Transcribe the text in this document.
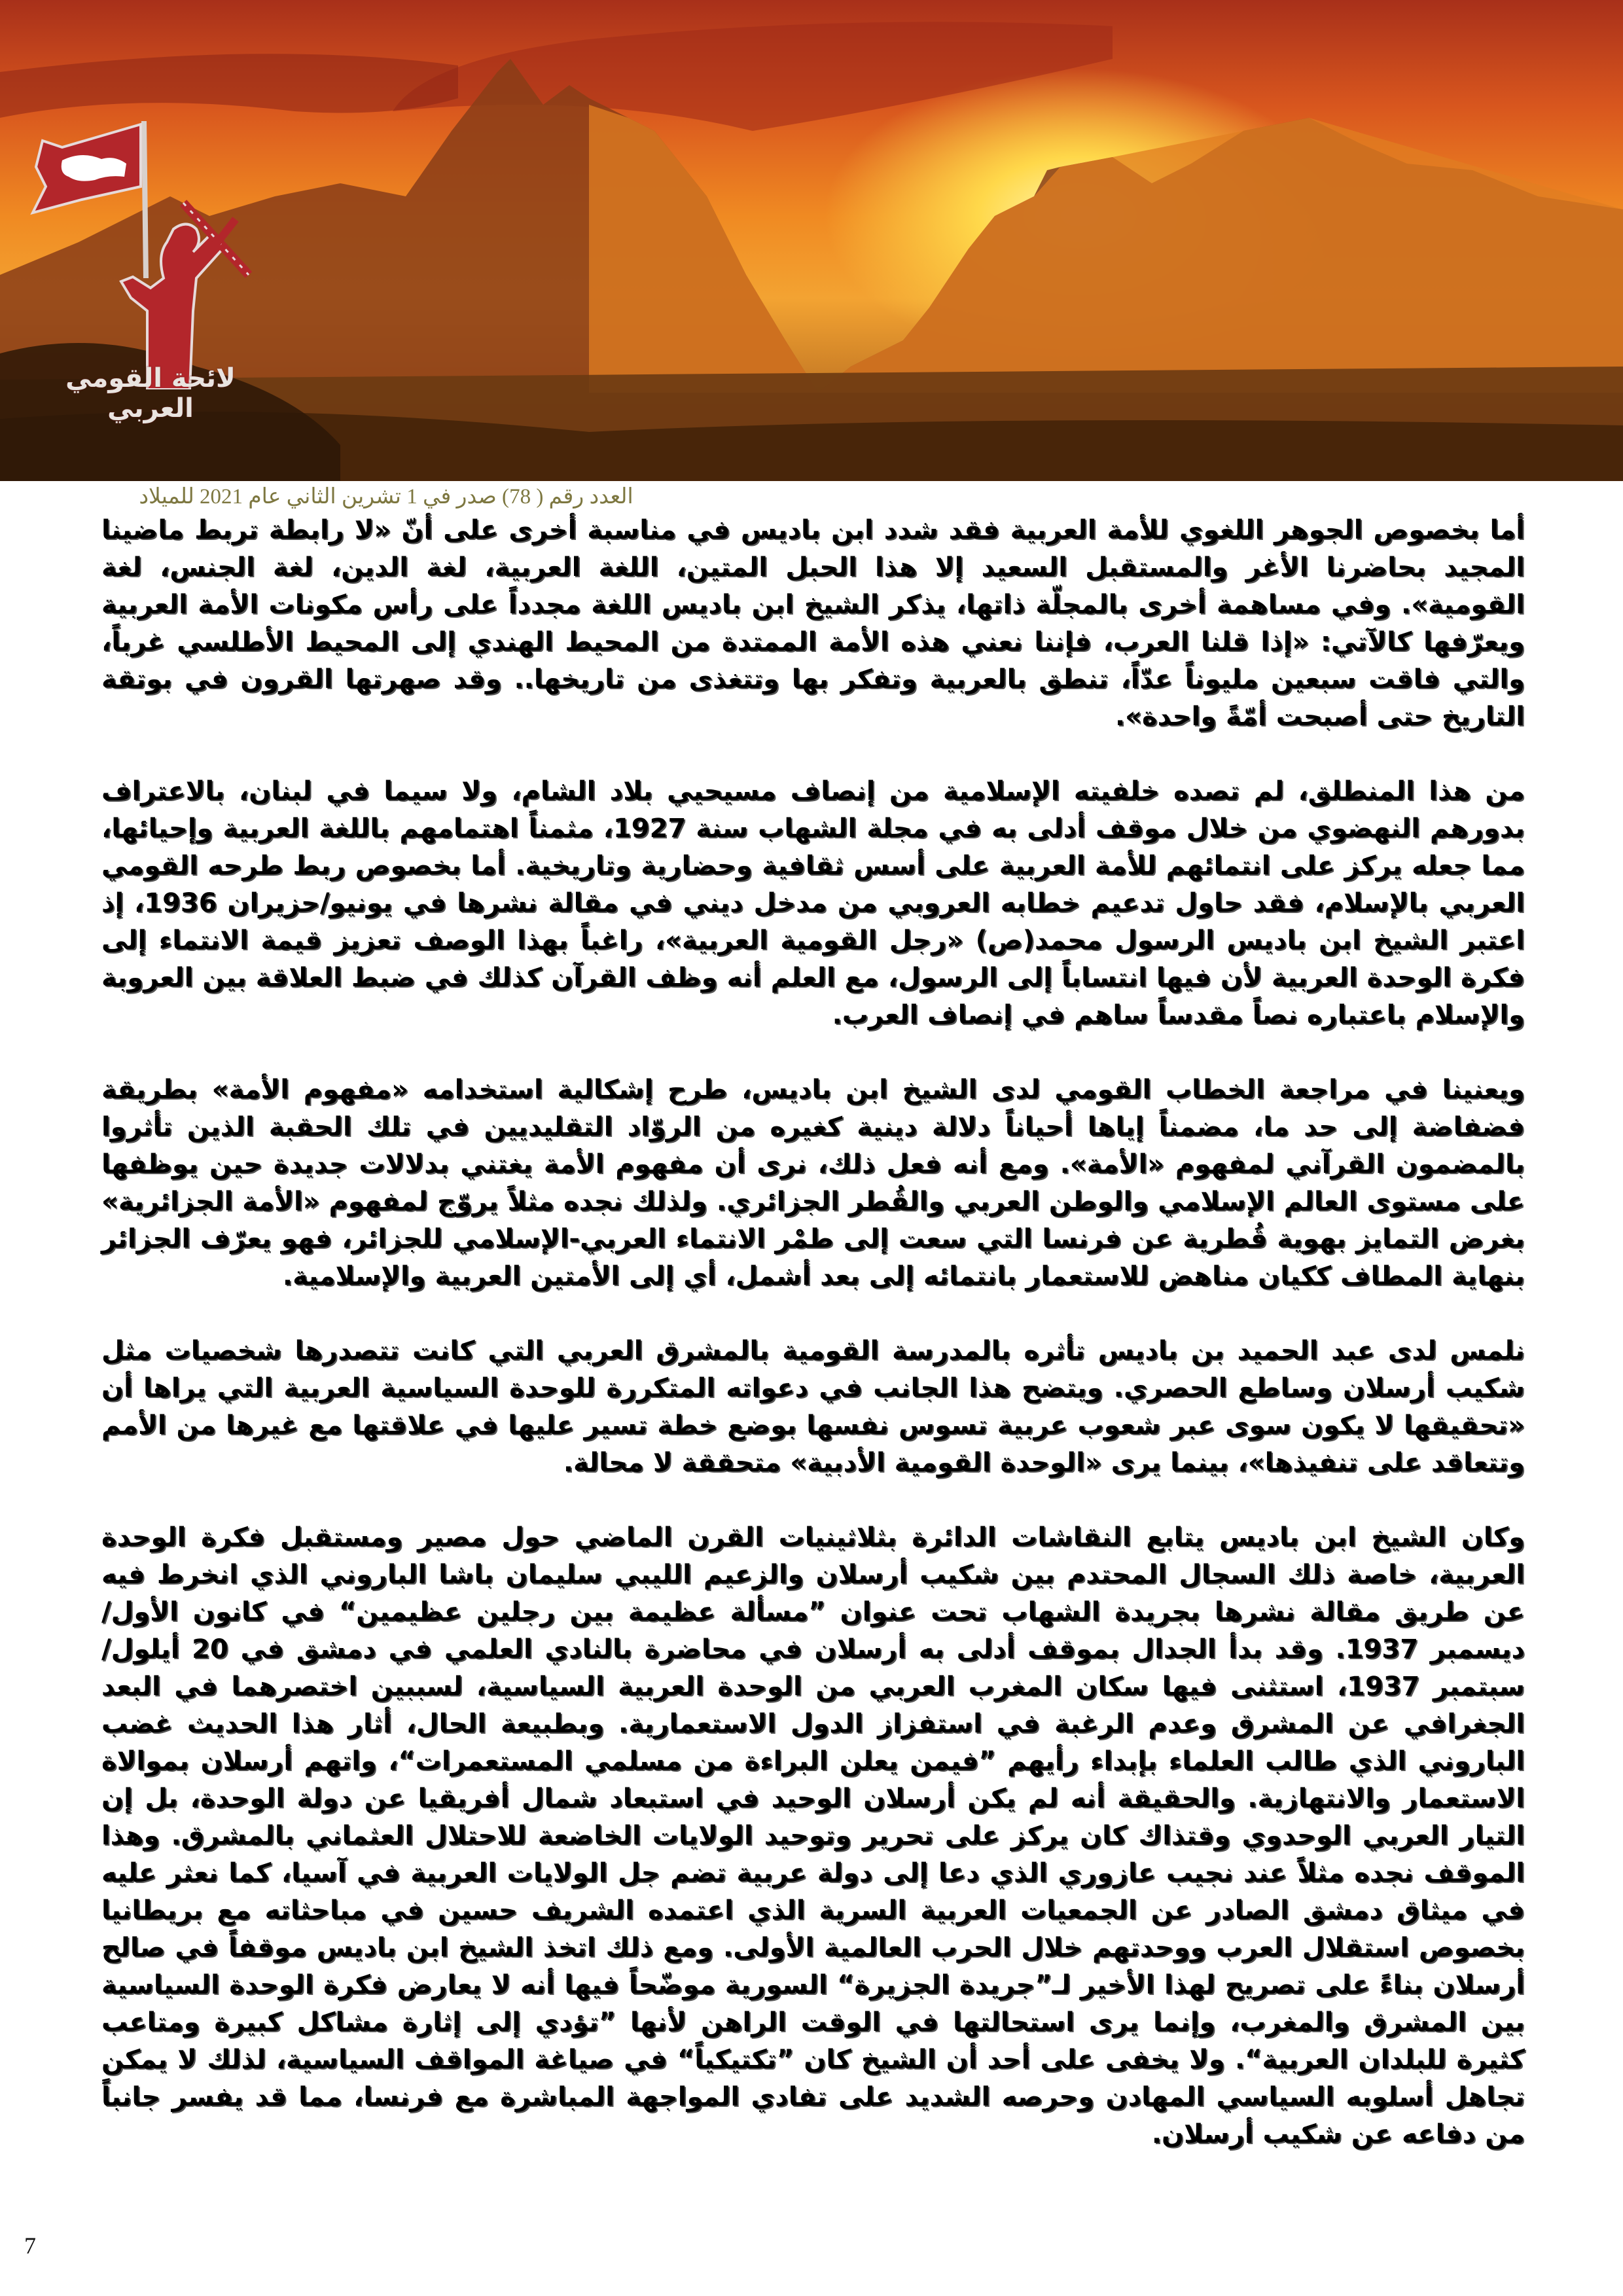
لائحة القومي العربي
العدد رقم ( 78) صدر في 1 تشرين الثاني عام 2021 للميلاد

أما بخصوص الجوهر اللغوي للأمة العربية فقد شدد ابن باديس في مناسبة أخرى على أنّ «لا رابطة تربط ماضينا المجيد بحاضرنا الأغر والمستقبل السعيد إلا هذا الحبل المتين، اللغة العربية، لغة الدين، لغة الجنس، لغة القومية». وفي مساهمة أخرى بالمجلّة ذاتها، يذكر الشيخ ابن باديس اللغة مجدداً على رأس مكونات الأمة العربية ويعرّفها كالآتي: «إذا قلنا العرب، فإننا نعني هذه الأمة الممتدة من المحيط الهندي إلى المحيط الأطلسي غرباً، والتي فاقت سبعين مليوناً عدّاً، تنطق بالعربية وتفكر بها وتتغذى من تاريخها.. وقد صهرتها القرون في بوتقة التاريخ حتى أصبحت أمّةً واحدة».

من هذا المنطلق، لم تصده خلفيته الإسلامية من إنصاف مسيحيي بلاد الشام، ولا سيما في لبنان، بالاعتراف بدورهم النهضوي من خلال موقف أدلى به في مجلة الشهاب سنة 1927، مثمناً اهتمامهم باللغة العربية وإحيائها، مما جعله يركز على انتمائهم للأمة العربية على أسس ثقافية وحضارية وتاريخية. أما بخصوص ربط طرحه القومي العربي بالإسلام، فقد حاول تدعيم خطابه العروبي من مدخل ديني في مقالة نشرها في يونيو/حزيران 1936، إذ اعتبر الشيخ ابن باديس الرسول محمد(ص) «رجل القومية العربية»، راغباً بهذا الوصف تعزيز قيمة الانتماء إلى فكرة الوحدة العربية لأن فيها انتساباً إلى الرسول، مع العلم أنه وظف القرآن كذلك في ضبط العلاقة بين العروبة والإسلام باعتباره نصاً مقدساً ساهم في إنصاف العرب.

ويعنينا في مراجعة الخطاب القومي لدى الشيخ ابن باديس، طرح إشكالية استخدامه «مفهوم الأمة» بطريقة فضفاضة إلى حد ما، مضمناً إياها أحياناً دلالة دينية كغيره من الروّاد التقليديين في تلك الحقبة الذين تأثروا بالمضمون القرآني لمفهوم «الأمة». ومع أنه فعل ذلك، نرى أن مفهوم الأمة يغتني بدلالات جديدة حين يوظفها على مستوى العالم الإسلامي والوطن العربي والقُطر الجزائري. ولذلك نجده مثلاً يروّج لمفهوم «الأمة الجزائرية» بغرض التمايز بهوية قُطرية عن فرنسا التي سعت إلى طمْر الانتماء العربي-الإسلامي للجزائر، فهو يعرّف الجزائر بنهاية المطاف ككيان مناهض للاستعمار بانتمائه إلى بعد أشمل، أي إلى الأمتين العربية والإسلامية.

نلمس لدى عبد الحميد بن باديس تأثره بالمدرسة القومية بالمشرق العربي التي كانت تتصدرها شخصيات مثل شكيب أرسلان وساطع الحصري. ويتضح هذا الجانب في دعواته المتكررة للوحدة السياسية العربية التي يراها أن «تحقيقها لا يكون سوى عبر شعوب عربية تسوس نفسها بوضع خطة تسير عليها في علاقتها مع غيرها من الأمم وتتعاقد على تنفيذها»، بينما يرى «الوحدة القومية الأدبية» متحققة لا محالة.

وكان الشيخ ابن باديس يتابع النقاشات الدائرة بثلاثينيات القرن الماضي حول مصير ومستقبل فكرة الوحدة العربية، خاصة ذلك السجال المحتدم بين شكيب أرسلان والزعيم الليبي سليمان باشا الباروني الذي انخرط فيه عن طريق مقالة نشرها بجريدة الشهاب تحت عنوان ”مسألة عظيمة بين رجلين عظيمين“ في كانون الأول/ ديسمبر 1937. وقد بدأ الجدال بموقف أدلى به أرسلان في محاضرة بالنادي العلمي في دمشق في 20 أيلول/سبتمبر 1937، استثنى فيها سكان المغرب العربي من الوحدة العربية السياسية، لسببين اختصرهما في البعد الجغرافي عن المشرق وعدم الرغبة في استفزاز الدول الاستعمارية. وبطبيعة الحال، أثار هذا الحديث غضب الباروني الذي طالب العلماء بإبداء رأيهم ”فيمن يعلن البراءة من مسلمي المستعمرات“، واتهم أرسلان بموالاة الاستعمار والانتهازية. والحقيقة أنه لم يكن أرسلان الوحيد في استبعاد شمال أفريقيا عن دولة الوحدة، بل إن التيار العربي الوحدوي وقتذاك كان يركز على تحرير وتوحيد الولايات الخاضعة للاحتلال العثماني بالمشرق. وهذا الموقف نجده مثلاً عند نجيب عازوري الذي دعا إلى دولة عربية تضم جل الولايات العربية في آسيا، كما نعثر عليه في ميثاق دمشق الصادر عن الجمعيات العربية السرية الذي اعتمده الشريف حسين في مباحثاته مع بريطانيا بخصوص استقلال العرب ووحدتهم خلال الحرب العالمية الأولى. ومع ذلك اتخذ الشيخ ابن باديس موقفاً في صالح أرسلان بناءً على تصريح لهذا الأخير لـ”جريدة الجزيرة“ السورية موضّحاً فيها أنه لا يعارض فكرة الوحدة السياسية بين المشرق والمغرب، وإنما يرى استحالتها في الوقت الراهن لأنها ”تؤدي إلى إثارة مشاكل كبيرة ومتاعب كثيرة للبلدان العربية“. ولا يخفى على أحد أن الشيخ كان ”تكتيكياً“ في صياغة المواقف السياسية، لذلك لا يمكن تجاهل أسلوبه السياسي المهادن وحرصه الشديد على تفادي المواجهة المباشرة مع فرنسا، مما قد يفسر جانباً من دفاعه عن شكيب أرسلان.

7
